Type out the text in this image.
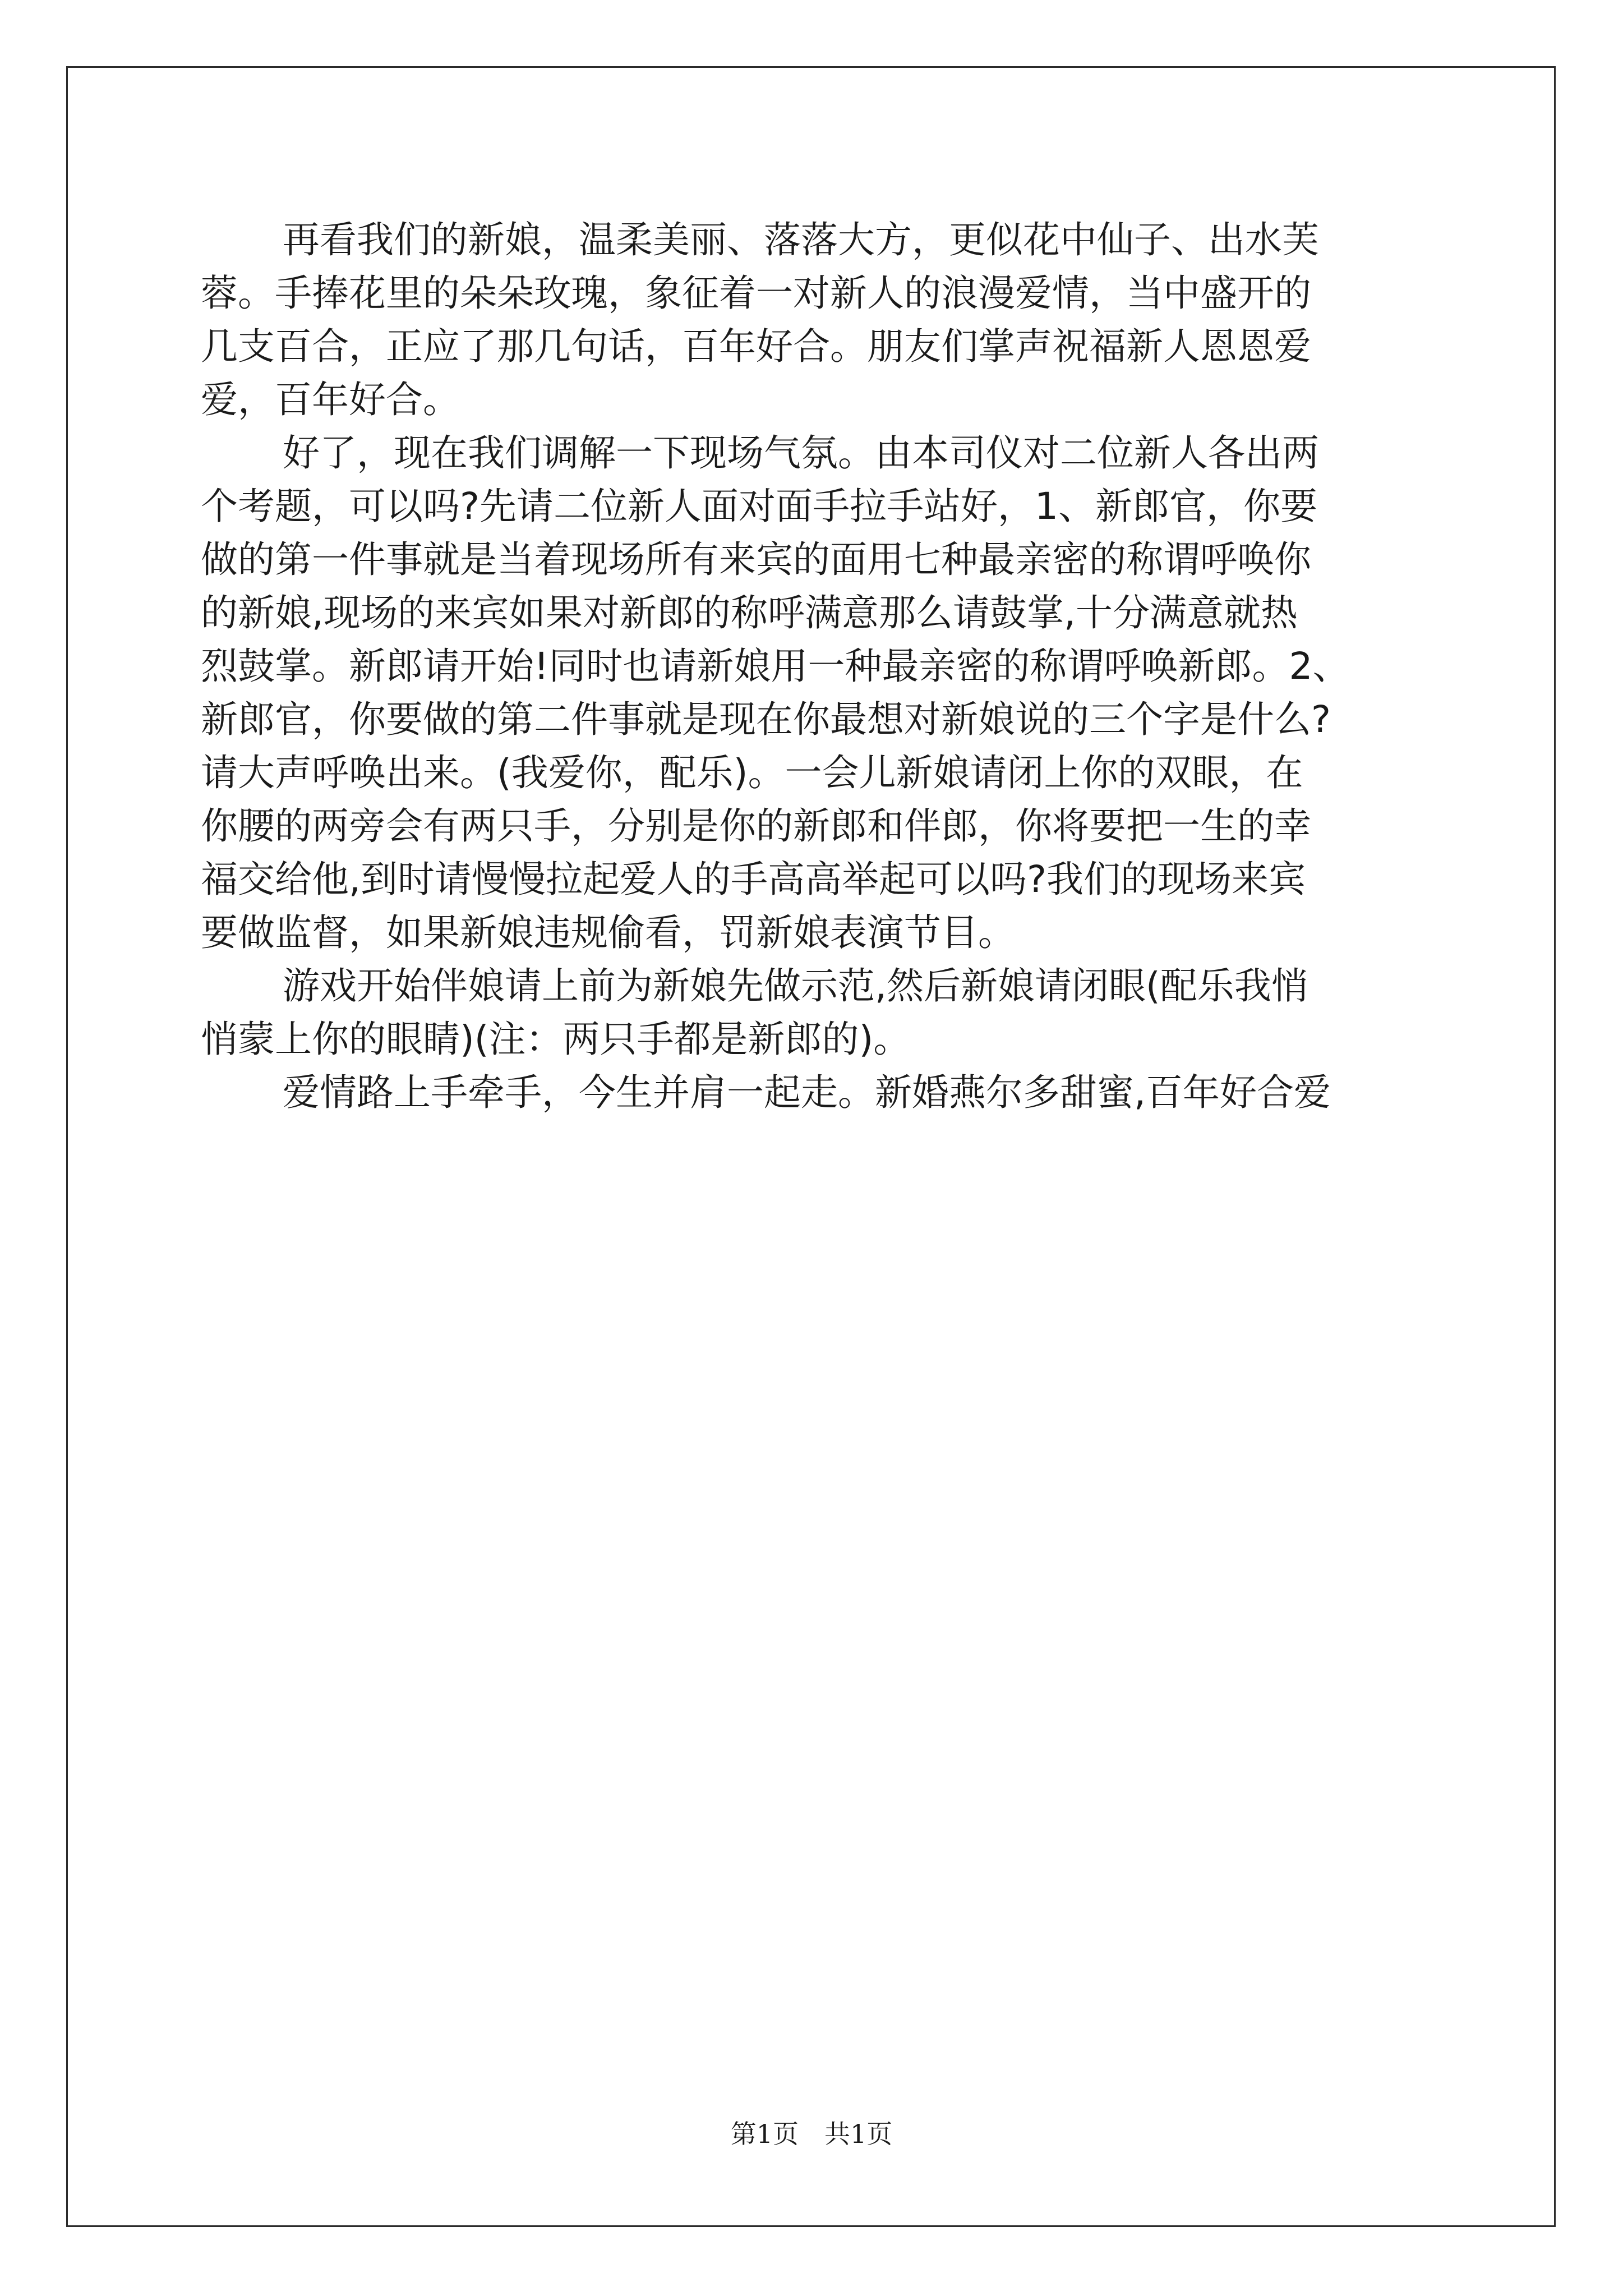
再看我们的新娘，温柔美丽、落落大方，更似花中仙子、出水芙
蓉。手捧花里的朵朵玫瑰，象征着一对新人的浪漫爱情，当中盛开的
几支百合，正应了那几句话，百年好合。朋友们掌声祝福新人恩恩爱
爱，百年好合。
好了，现在我们调解一下现场气氛。由本司仪对二位新人各出两
个考题，可以吗?先请二位新人面对面手拉手站好，1、新郎官，你要
做的第一件事就是当着现场所有来宾的面用七种最亲密的称谓呼唤你
的新娘,现场的来宾如果对新郎的称呼满意那么请鼓掌,十分满意就热
烈鼓掌。新郎请开始!同时也请新娘用一种最亲密的称谓呼唤新郎。2、
新郎官，你要做的第二件事就是现在你最想对新娘说的三个字是什么?
请大声呼唤出来。(我爱你，配乐)。一会儿新娘请闭上你的双眼，在
你腰的两旁会有两只手，分别是你的新郎和伴郎，你将要把一生的幸
福交给他,到时请慢慢拉起爱人的手高高举起可以吗?我们的现场来宾
要做监督，如果新娘违规偷看，罚新娘表演节目。
游戏开始伴娘请上前为新娘先做示范,然后新娘请闭眼(配乐我悄
悄蒙上你的眼睛)(注：两只手都是新郎的)。
爱情路上手牵手，今生并肩一起走。新婚燕尔多甜蜜,百年好合爱
第1页　共1页
